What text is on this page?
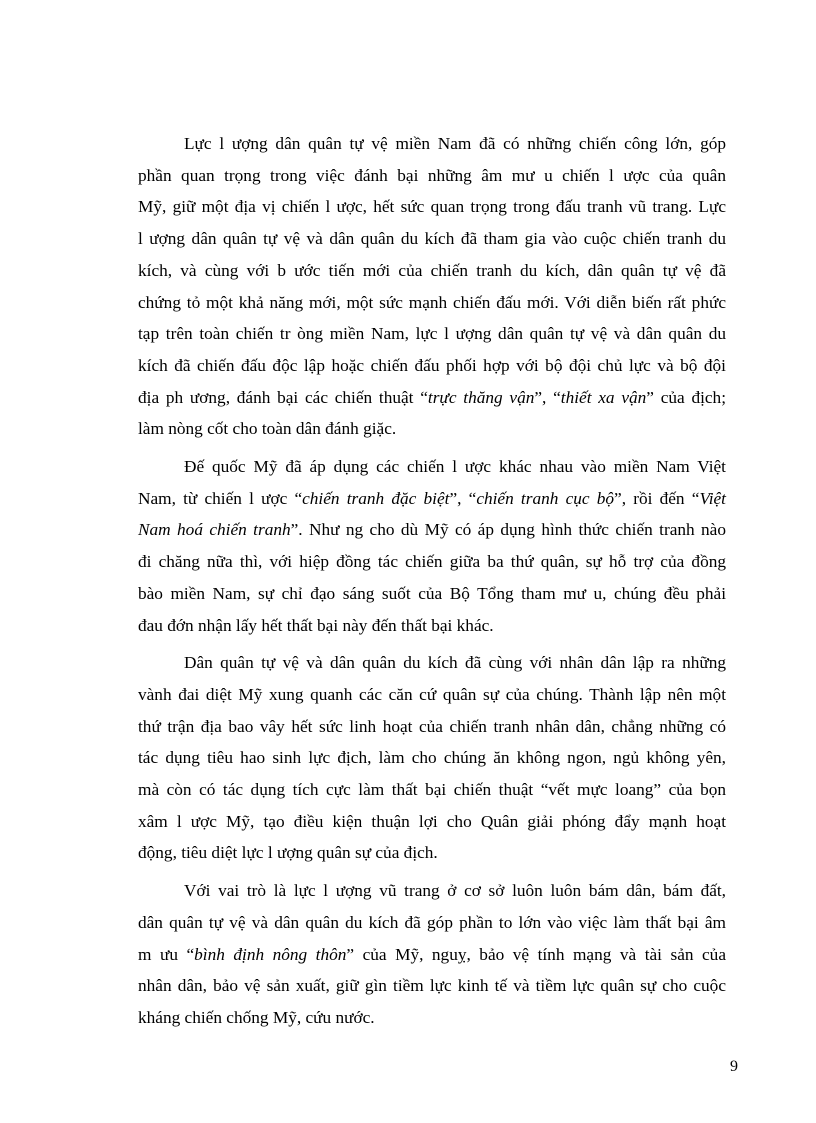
Lực l ượng dân quân tự vệ miền Nam đã có những chiến công lớn, góp
phần quan trọng trong việc đánh bại những âm mư u chiến l ược của quân
Mỹ, giữ một địa vị chiến l ược, hết sức quan trọng trong đấu tranh vũ trang. Lực
l ượng dân quân tự vệ và dân quân du kích đã tham gia vào cuộc chiến tranh du
kích, và cùng với b ước tiến mới của chiến tranh du kích, dân quân tự vệ đã
chứng tỏ một khả năng mới, một sức mạnh chiến đấu mới. Với diễn biến rất phức
tạp trên toàn chiến tr òng miền Nam, lực l ượng dân quân tự vệ và dân quân du
kích đã chiến đấu độc lập hoặc chiến đấu phối hợp với bộ đội chủ lực và bộ đội
địa ph ương, đánh bại các chiến thuật “trực thăng vận”, “thiết xa vận” của địch;
làm nòng cốt cho toàn dân đánh giặc.

Đế quốc Mỹ đã áp dụng các chiến l ược khác nhau vào miền Nam Việt
Nam, từ chiến l ược “chiến tranh đặc biệt”, “chiến tranh cục bộ”, rồi đến “Việt
Nam hoá chiến tranh”. Như ng cho dù Mỹ có áp dụng hình thức chiến tranh nào
đi chăng nữa thì, với hiệp đồng tác chiến giữa ba thứ quân, sự hỗ trợ của đồng
bào miền Nam, sự chỉ đạo sáng suốt của Bộ Tổng tham mư u, chúng đều phải
đau đớn nhận lấy hết thất bại này đến thất bại khác.

Dân quân tự vệ và dân quân du kích đã cùng với nhân dân lập ra những
vành đai diệt Mỹ xung quanh các căn cứ quân sự của chúng. Thành lập nên một
thứ trận địa bao vây hết sức linh hoạt của chiến tranh nhân dân, chẳng những có
tác dụng tiêu hao sinh lực địch, làm cho chúng ăn không ngon, ngủ không yên,
mà còn có tác dụng tích cực làm thất bại chiến thuật “vết mực loang” của bọn
xâm l ược Mỹ, tạo điều kiện thuận lợi cho Quân giải phóng đẩy mạnh hoạt
động, tiêu diệt lực l ượng quân sự của địch.

Với vai trò là lực l ượng vũ trang ở cơ sở luôn luôn bám dân, bám đất,
dân quân tự vệ và dân quân du kích đã góp phần to lớn vào việc làm thất bại âm
m ưu “bình định nông thôn” của Mỹ, nguỵ, bảo vệ tính mạng và tài sản của
nhân dân, bảo vệ sản xuất, giữ gìn tiềm lực kinh tế và tiềm lực quân sự cho cuộc
kháng chiến chống Mỹ, cứu nước.

9
